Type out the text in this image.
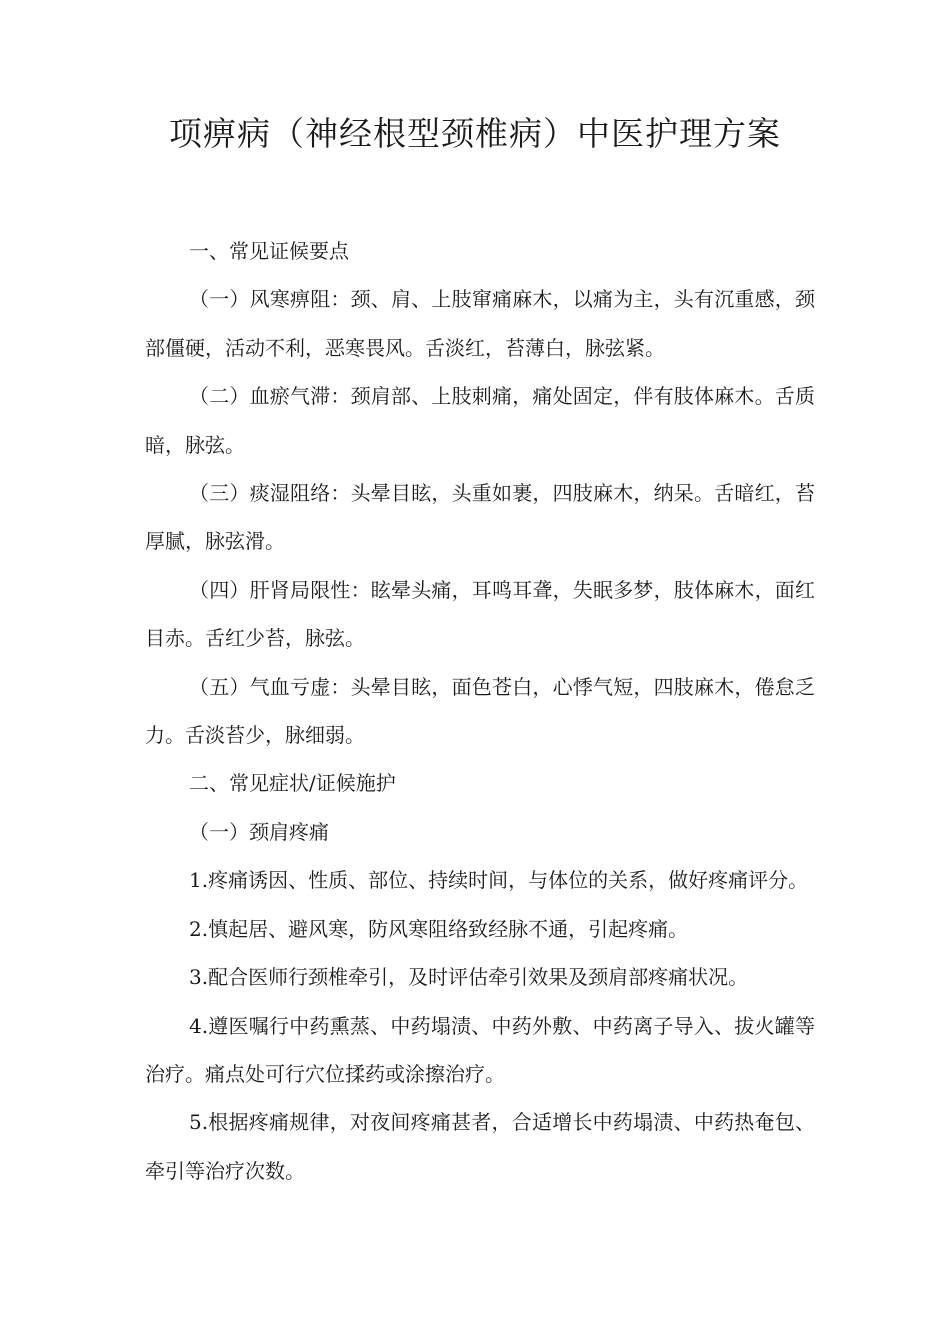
项痹病（神经根型颈椎病）中医护理方案

一、常见证候要点

（一）风寒痹阻：颈、肩、上肢窜痛麻木，以痛为主，头有沉重感，颈部僵硬，活动不利，恶寒畏风。舌淡红，苔薄白，脉弦紧。

（二）血瘀气滞：颈肩部、上肢刺痛，痛处固定，伴有肢体麻木。舌质暗，脉弦。

（三）痰湿阻络：头晕目眩，头重如裹，四肢麻木，纳呆。舌暗红，苔厚腻，脉弦滑。

（四）肝肾局限性：眩晕头痛，耳鸣耳聋，失眠多梦，肢体麻木，面红目赤。舌红少苔，脉弦。

（五）气血亏虚：头晕目眩，面色苍白，心悸气短，四肢麻木，倦怠乏力。舌淡苔少，脉细弱。

二、常见症状/证候施护

（一）颈肩疼痛

1.疼痛诱因、性质、部位、持续时间，与体位的关系，做好疼痛评分。

2.慎起居、避风寒，防风寒阻络致经脉不通，引起疼痛。

3.配合医师行颈椎牵引，及时评估牵引效果及颈肩部疼痛状况。

4.遵医嘱行中药熏蒸、中药塌渍、中药外敷、中药离子导入、拔火罐等治疗。痛点处可行穴位揉药或涂擦治疗。

5.根据疼痛规律，对夜间疼痛甚者，合适增长中药塌渍、中药热奄包、牵引等治疗次数。
